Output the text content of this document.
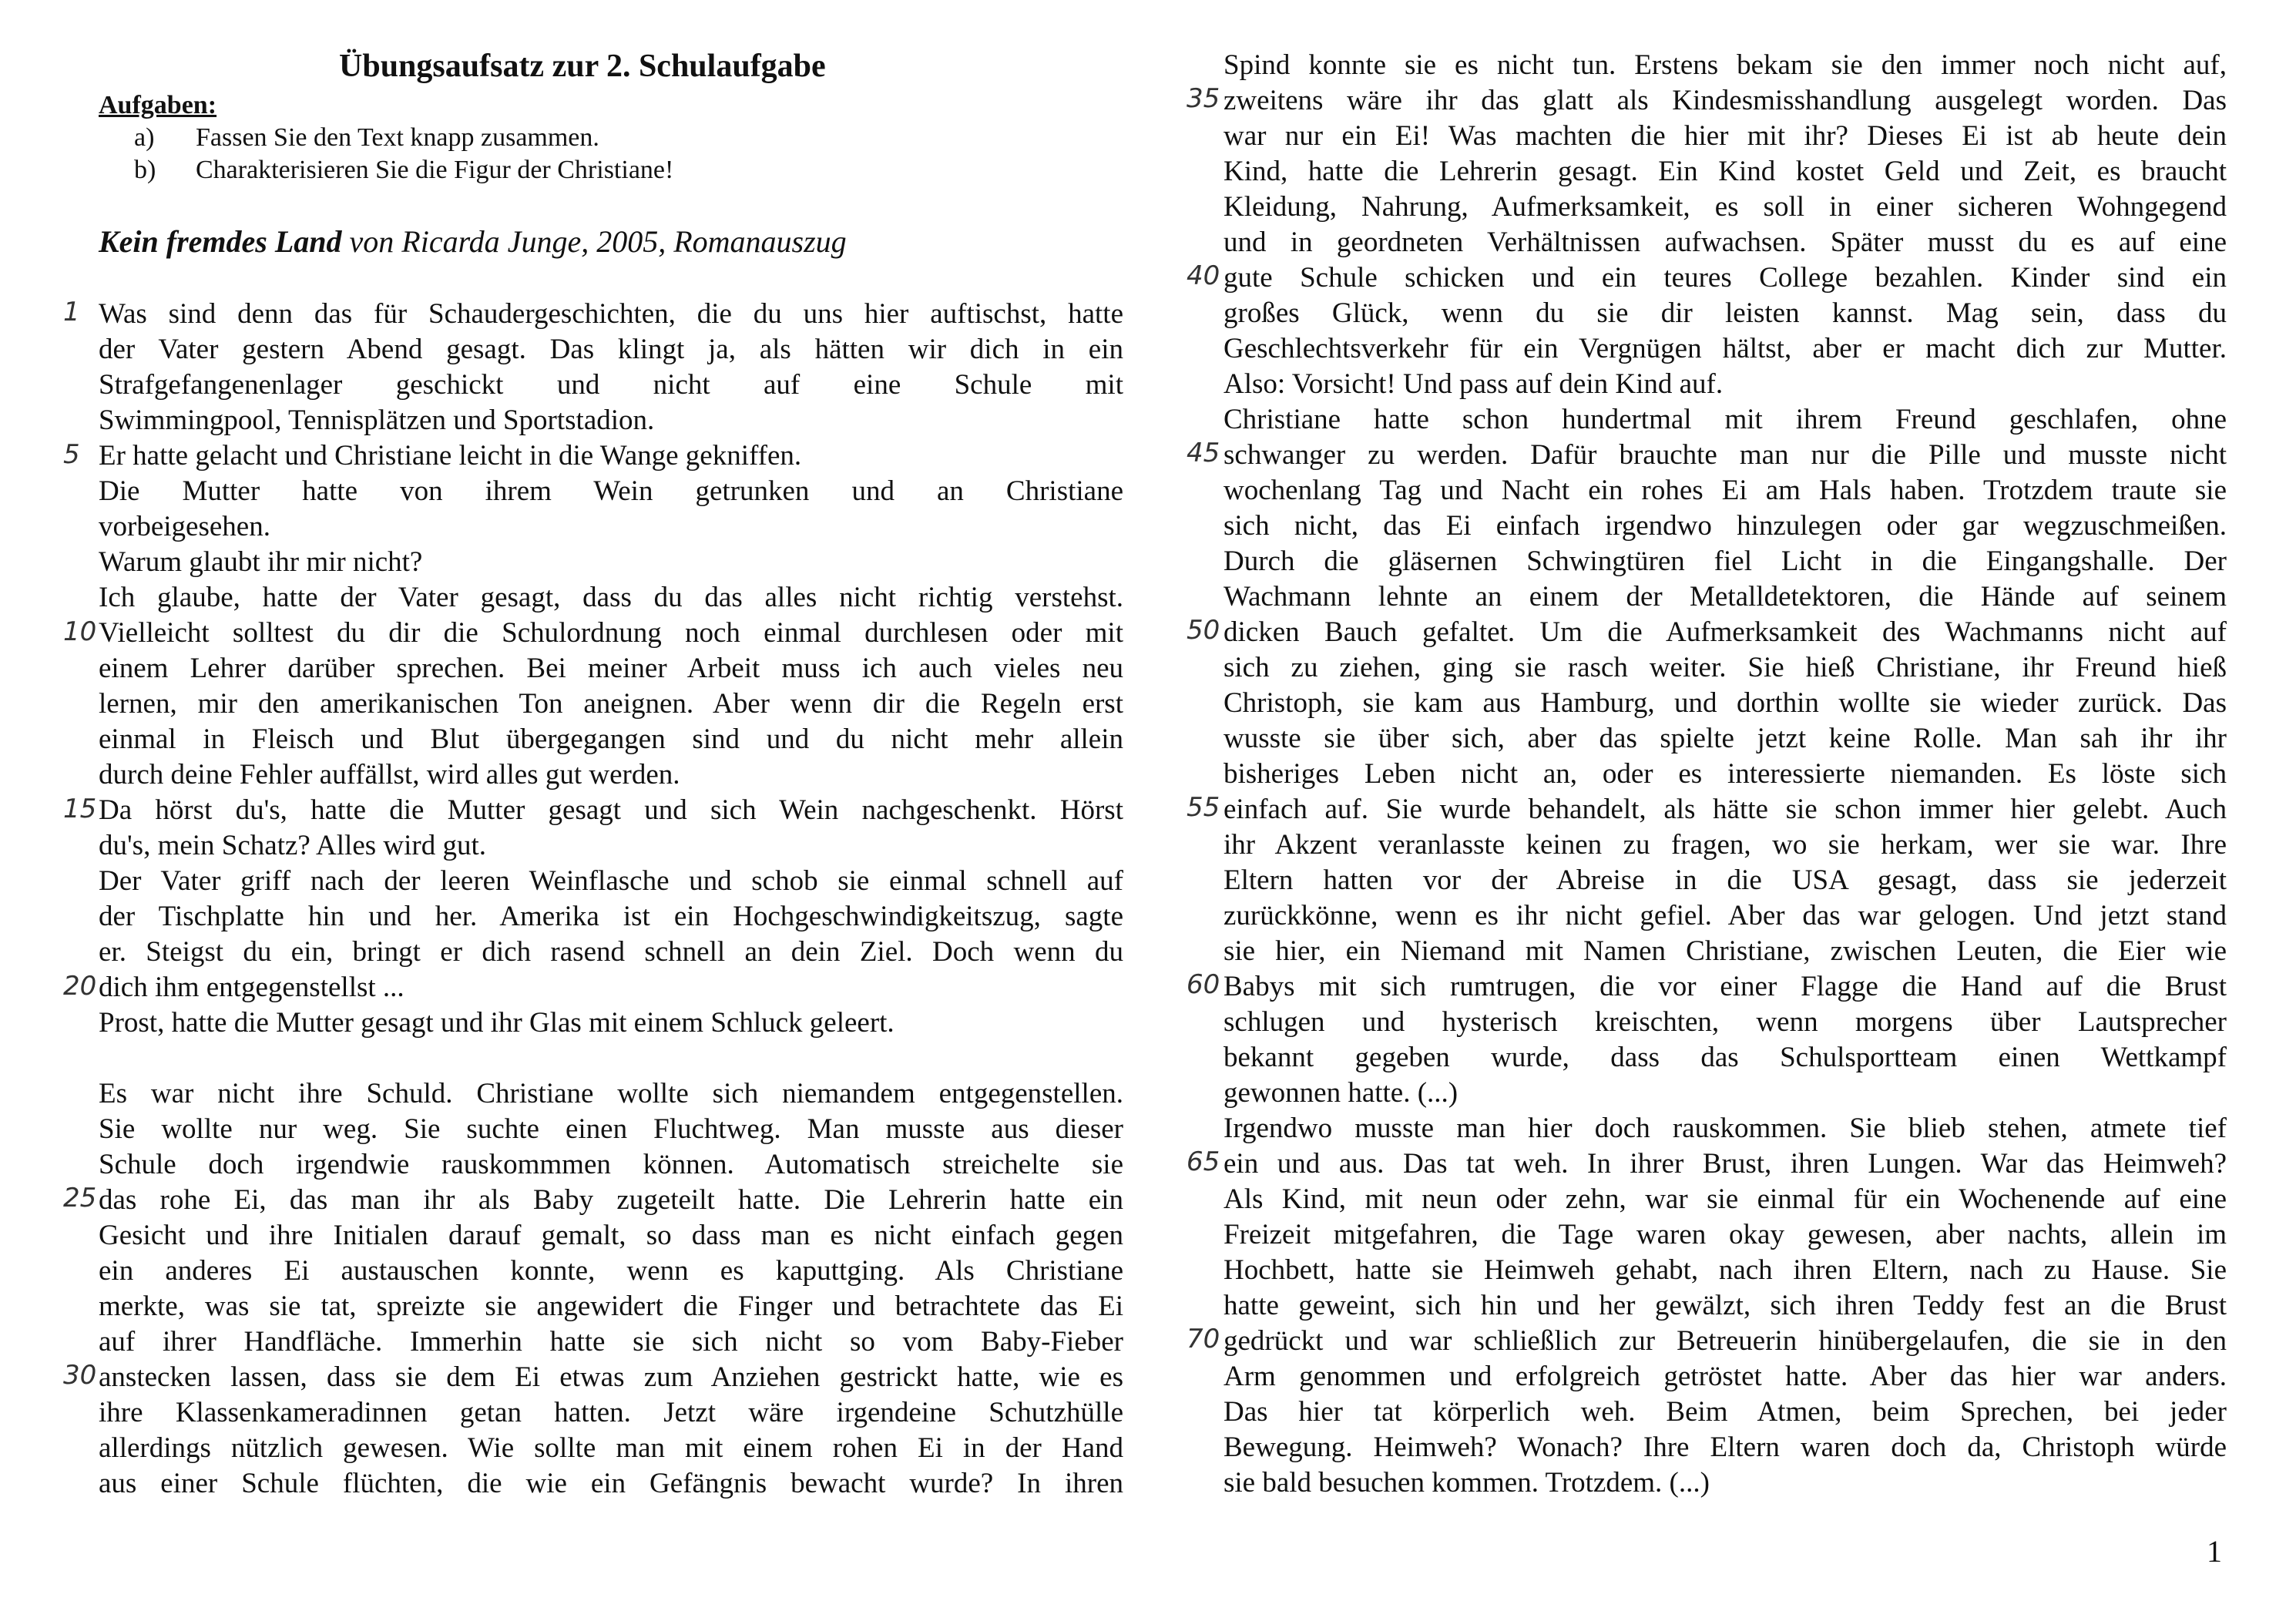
Übungsaufsatz zur 2. Schulaufgabe
Aufgaben:
a) Fassen Sie den Text knapp zusammen.
b) Charakterisieren Sie die Figur der Christiane!
Kein fremdes Land von Ricarda Junge, 2005, Romanauszug
Was sind denn das für Schaudergeschichten, die du uns hier auftischst, hatte
der Vater gestern Abend gesagt. Das klingt ja, als hätten wir dich in ein
Strafgefangenenlager geschickt und nicht auf eine Schule mit
Swimmingpool, Tennisplätzen und Sportstadion.
Er hatte gelacht und Christiane leicht in die Wange gekniffen.
Die Mutter hatte von ihrem Wein getrunken und an Christiane
vorbeigesehen.
Warum glaubt ihr mir nicht?
Ich glaube, hatte der Vater gesagt, dass du das alles nicht richtig verstehst.
Vielleicht solltest du dir die Schulordnung noch einmal durchlesen oder mit
einem Lehrer darüber sprechen. Bei meiner Arbeit muss ich auch vieles neu
lernen, mir den amerikanischen Ton aneignen. Aber wenn dir die Regeln erst
einmal in Fleisch und Blut übergegangen sind und du nicht mehr allein
durch deine Fehler auffällst, wird alles gut werden.
Da hörst du's, hatte die Mutter gesagt und sich Wein nachgeschenkt. Hörst
du's, mein Schatz? Alles wird gut.
Der Vater griff nach der leeren Weinflasche und schob sie einmal schnell auf
der Tischplatte hin und her. Amerika ist ein Hochgeschwindigkeitszug, sagte
er. Steigst du ein, bringt er dich rasend schnell an dein Ziel. Doch wenn du
dich ihm entgegenstellst ...
Prost, hatte die Mutter gesagt und ihr Glas mit einem Schluck geleert.
Es war nicht ihre Schuld. Christiane wollte sich niemandem entgegenstellen.
Sie wollte nur weg. Sie suchte einen Fluchtweg. Man musste aus dieser
Schule doch irgendwie rauskommmen können. Automatisch streichelte sie
das rohe Ei, das man ihr als Baby zugeteilt hatte. Die Lehrerin hatte ein
Gesicht und ihre Initialen darauf gemalt, so dass man es nicht einfach gegen
ein anderes Ei austauschen konnte, wenn es kaputtging. Als Christiane
merkte, was sie tat, spreizte sie angewidert die Finger und betrachtete das Ei
auf ihrer Handfläche. Immerhin hatte sie sich nicht so vom Baby-Fieber
anstecken lassen, dass sie dem Ei etwas zum Anziehen gestrickt hatte, wie es
ihre Klassenkameradinnen getan hatten. Jetzt wäre irgendeine Schutzhülle
allerdings nützlich gewesen. Wie sollte man mit einem rohen Ei in der Hand
aus einer Schule flüchten, die wie ein Gefängnis bewacht wurde? In ihren
Spind konnte sie es nicht tun. Erstens bekam sie den immer noch nicht auf,
zweitens wäre ihr das glatt als Kindesmisshandlung ausgelegt worden. Das
war nur ein Ei! Was machten die hier mit ihr? Dieses Ei ist ab heute dein
Kind, hatte die Lehrerin gesagt. Ein Kind kostet Geld und Zeit, es braucht
Kleidung, Nahrung, Aufmerksamkeit, es soll in einer sicheren Wohngegend
und in geordneten Verhältnissen aufwachsen. Später musst du es auf eine
gute Schule schicken und ein teures College bezahlen. Kinder sind ein
großes Glück, wenn du sie dir leisten kannst. Mag sein, dass du
Geschlechtsverkehr für ein Vergnügen hältst, aber er macht dich zur Mutter.
Also: Vorsicht! Und pass auf dein Kind auf.
Christiane hatte schon hundertmal mit ihrem Freund geschlafen, ohne
schwanger zu werden. Dafür brauchte man nur die Pille und musste nicht
wochenlang Tag und Nacht ein rohes Ei am Hals haben. Trotzdem traute sie
sich nicht, das Ei einfach irgendwo hinzulegen oder gar wegzuschmeißen.
Durch die gläsernen Schwingtüren fiel Licht in die Eingangshalle. Der
Wachmann lehnte an einem der Metalldetektoren, die Hände auf seinem
dicken Bauch gefaltet. Um die Aufmerksamkeit des Wachmanns nicht auf
sich zu ziehen, ging sie rasch weiter. Sie hieß Christiane, ihr Freund hieß
Christoph, sie kam aus Hamburg, und dorthin wollte sie wieder zurück. Das
wusste sie über sich, aber das spielte jetzt keine Rolle. Man sah ihr ihr
bisheriges Leben nicht an, oder es interessierte niemanden. Es löste sich
einfach auf. Sie wurde behandelt, als hätte sie schon immer hier gelebt. Auch
ihr Akzent veranlasste keinen zu fragen, wo sie herkam, wer sie war. Ihre
Eltern hatten vor der Abreise in die USA gesagt, dass sie jederzeit
zurückkönne, wenn es ihr nicht gefiel. Aber das war gelogen. Und jetzt stand
sie hier, ein Niemand mit Namen Christiane, zwischen Leuten, die Eier wie
Babys mit sich rumtrugen, die vor einer Flagge die Hand auf die Brust
schlugen und hysterisch kreischten, wenn morgens über Lautsprecher
bekannt gegeben wurde, dass das Schulsportteam einen Wettkampf
gewonnen hatte. (...)
Irgendwo musste man hier doch rauskommen. Sie blieb stehen, atmete tief
ein und aus. Das tat weh. In ihrer Brust, ihren Lungen. War das Heimweh?
Als Kind, mit neun oder zehn, war sie einmal für ein Wochenende auf eine
Freizeit mitgefahren, die Tage waren okay gewesen, aber nachts, allein im
Hochbett, hatte sie Heimweh gehabt, nach ihren Eltern, nach zu Hause. Sie
hatte geweint, sich hin und her gewälzt, sich ihren Teddy fest an die Brust
gedrückt und war schließlich zur Betreuerin hinübergelaufen, die sie in den
Arm genommen und erfolgreich getröstet hatte. Aber das hier war anders.
Das hier tat körperlich weh. Beim Atmen, beim Sprechen, bei jeder
Bewegung. Heimweh? Wonach? Ihre Eltern waren doch da, Christoph würde
sie bald besuchen kommen. Trotzdem. (...)
1
5
10
15
20
25
30
35
40
45
50
55
60
65
70
1
